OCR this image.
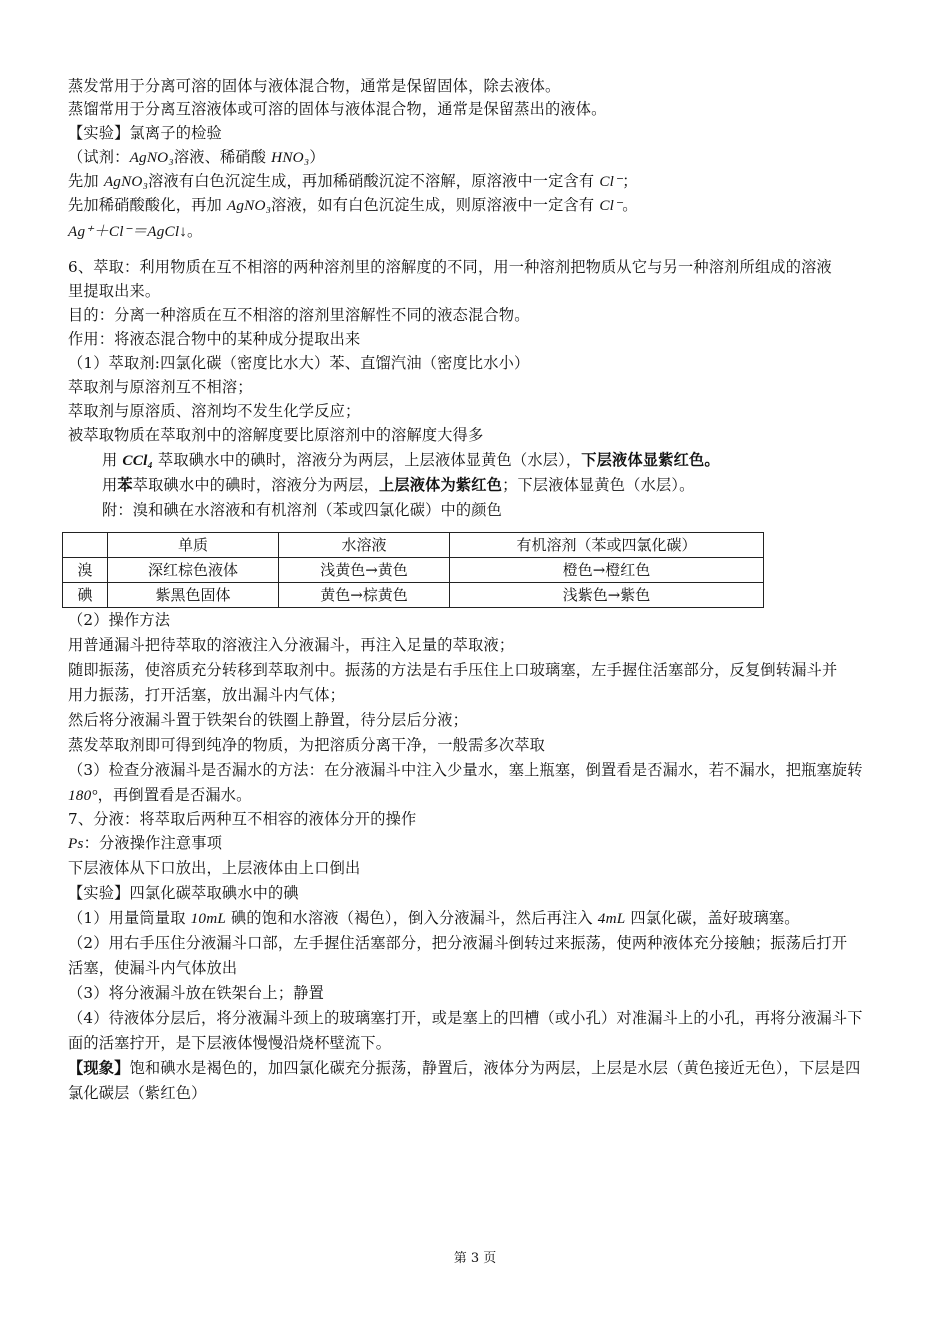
蒸发常用于分离可溶的固体与液体混合物，通常是保留固体，除去液体。
蒸馏常用于分离互溶液体或可溶的固体与液体混合物，通常是保留蒸出的液体。
【实验】氯离子的检验
（试剂：AgNO₃溶液、稀硝酸 HNO₃）
先加 AgNO₃溶液有白色沉淀生成，再加稀硝酸沉淀不溶解，原溶液中一定含有 Cl⁻；
先加稀硝酸酸化，再加 AgNO₃溶液，如有白色沉淀生成，则原溶液中一定含有 Cl⁻。
Ag⁺＋Cl⁻＝AgCl↓。
6、萃取：利用物质在互不相溶的两种溶剂里的溶解度的不同，用一种溶剂把物质从它与另一种溶剂所组成的溶液
里提取出来。
目的：分离一种溶质在互不相溶的溶剂里溶解性不同的液态混合物。
作用：将液态混合物中的某种成分提取出来
（1）萃取剂:四氯化碳（密度比水大）苯、直馏汽油（密度比水小）
萃取剂与原溶剂互不相溶；
萃取剂与原溶质、溶剂均不发生化学反应；
被萃取物质在萃取剂中的溶解度要比原溶剂中的溶解度大得多
用 CCl₄ 萃取碘水中的碘时，溶液分为两层，上层液体显黄色（水层），下层液体显紫红色。
用苯萃取碘水中的碘时，溶液分为两层，上层液体为紫红色；下层液体显黄色（水层）。
附：溴和碘在水溶液和有机溶剂（苯或四氯化碳）中的颜色
	单质	水溶液	有机溶剂（苯或四氯化碳）
溴	深红棕色液体	浅黄色→黄色	橙色→橙红色
碘	紫黑色固体	黄色→棕黄色	浅紫色→紫色
（2）操作方法
用普通漏斗把待萃取的溶液注入分液漏斗，再注入足量的萃取液；
随即振荡，使溶质充分转移到萃取剂中。振荡的方法是右手压住上口玻璃塞，左手握住活塞部分，反复倒转漏斗并
用力振荡，打开活塞，放出漏斗内气体；
然后将分液漏斗置于铁架台的铁圈上静置，待分层后分液；
蒸发萃取剂即可得到纯净的物质，为把溶质分离干净，一般需多次萃取
（3）检查分液漏斗是否漏水的方法：在分液漏斗中注入少量水，塞上瓶塞，倒置看是否漏水，若不漏水，把瓶塞旋转
180°，再倒置看是否漏水。
7、分液：将萃取后两种互不相容的液体分开的操作
Ps：分液操作注意事项
下层液体从下口放出，上层液体由上口倒出
【实验】四氯化碳萃取碘水中的碘
（1）用量筒量取 10mL 碘的饱和水溶液（褐色），倒入分液漏斗，然后再注入 4mL 四氯化碳，盖好玻璃塞。
（2）用右手压住分液漏斗口部，左手握住活塞部分，把分液漏斗倒转过来振荡，使两种液体充分接触；振荡后打开
活塞，使漏斗内气体放出
（3）将分液漏斗放在铁架台上；静置
（4）待液体分层后，将分液漏斗颈上的玻璃塞打开，或是塞上的凹槽（或小孔）对准漏斗上的小孔，再将分液漏斗下
面的活塞拧开，是下层液体慢慢沿烧杯壁流下。
【现象】饱和碘水是褐色的，加四氯化碳充分振荡，静置后，液体分为两层，上层是水层（黄色接近无色），下层是四
氯化碳层（紫红色）
第 3 页
